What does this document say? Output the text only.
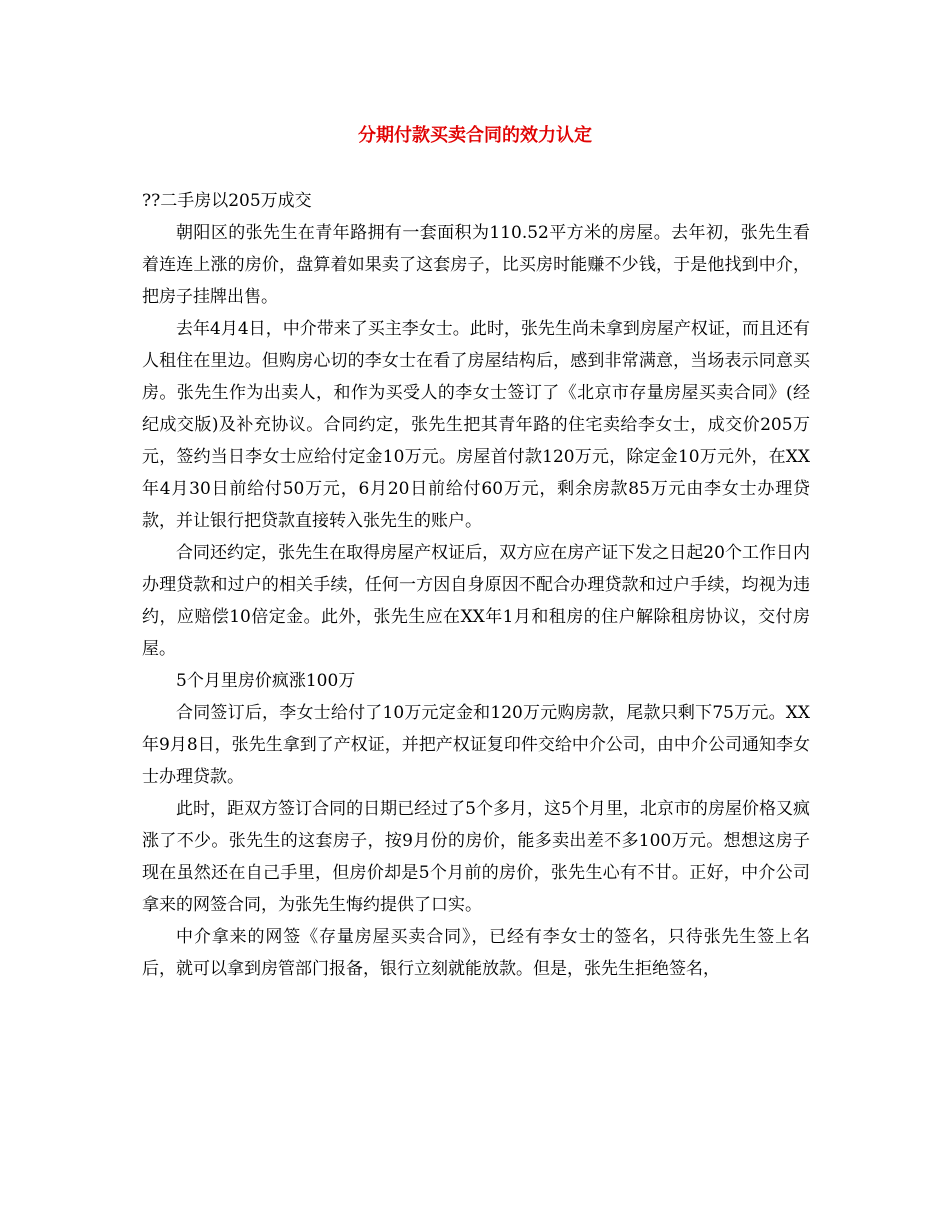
分期付款买卖合同的效力认定

??二手房以205万成交

朝阳区的张先生在青年路拥有一套面积为110.52平方米的房屋。去年初，张先生看着连连上涨的房价，盘算着如果卖了这套房子，比买房时能赚不少钱，于是他找到中介，把房子挂牌出售。

去年4月4日，中介带来了买主李女士。此时，张先生尚未拿到房屋产权证，而且还有人租住在里边。但购房心切的李女士在看了房屋结构后，感到非常满意，当场表示同意买房。张先生作为出卖人，和作为买受人的李女士签订了《北京市存量房屋买卖合同》(经纪成交版)及补充协议。合同约定，张先生把其青年路的住宅卖给李女士，成交价205万元，签约当日李女士应给付定金10万元。房屋首付款120万元，除定金10万元外，在XX年4月30日前给付50万元，6月20日前给付60万元，剩余房款85万元由李女士办理贷款，并让银行把贷款直接转入张先生的账户。

合同还约定，张先生在取得房屋产权证后，双方应在房产证下发之日起20个工作日内办理贷款和过户的相关手续，任何一方因自身原因不配合办理贷款和过户手续，均视为违约，应赔偿10倍定金。此外，张先生应在XX年1月和租房的住户解除租房协议，交付房屋。

5个月里房价疯涨100万

合同签订后，李女士给付了10万元定金和120万元购房款，尾款只剩下75万元。XX年9月8日，张先生拿到了产权证，并把产权证复印件交给中介公司，由中介公司通知李女士办理贷款。

此时，距双方签订合同的日期已经过了5个多月，这5个月里，北京市的房屋价格又疯涨了不少。张先生的这套房子，按9月份的房价，能多卖出差不多100万元。想想这房子现在虽然还在自己手里，但房价却是5个月前的房价，张先生心有不甘。正好，中介公司拿来的网签合同，为张先生悔约提供了口实。

中介拿来的网签《存量房屋买卖合同》，已经有李女士的签名，只待张先生签上名后，就可以拿到房管部门报备，银行立刻就能放款。但是，张先生拒绝签名，
